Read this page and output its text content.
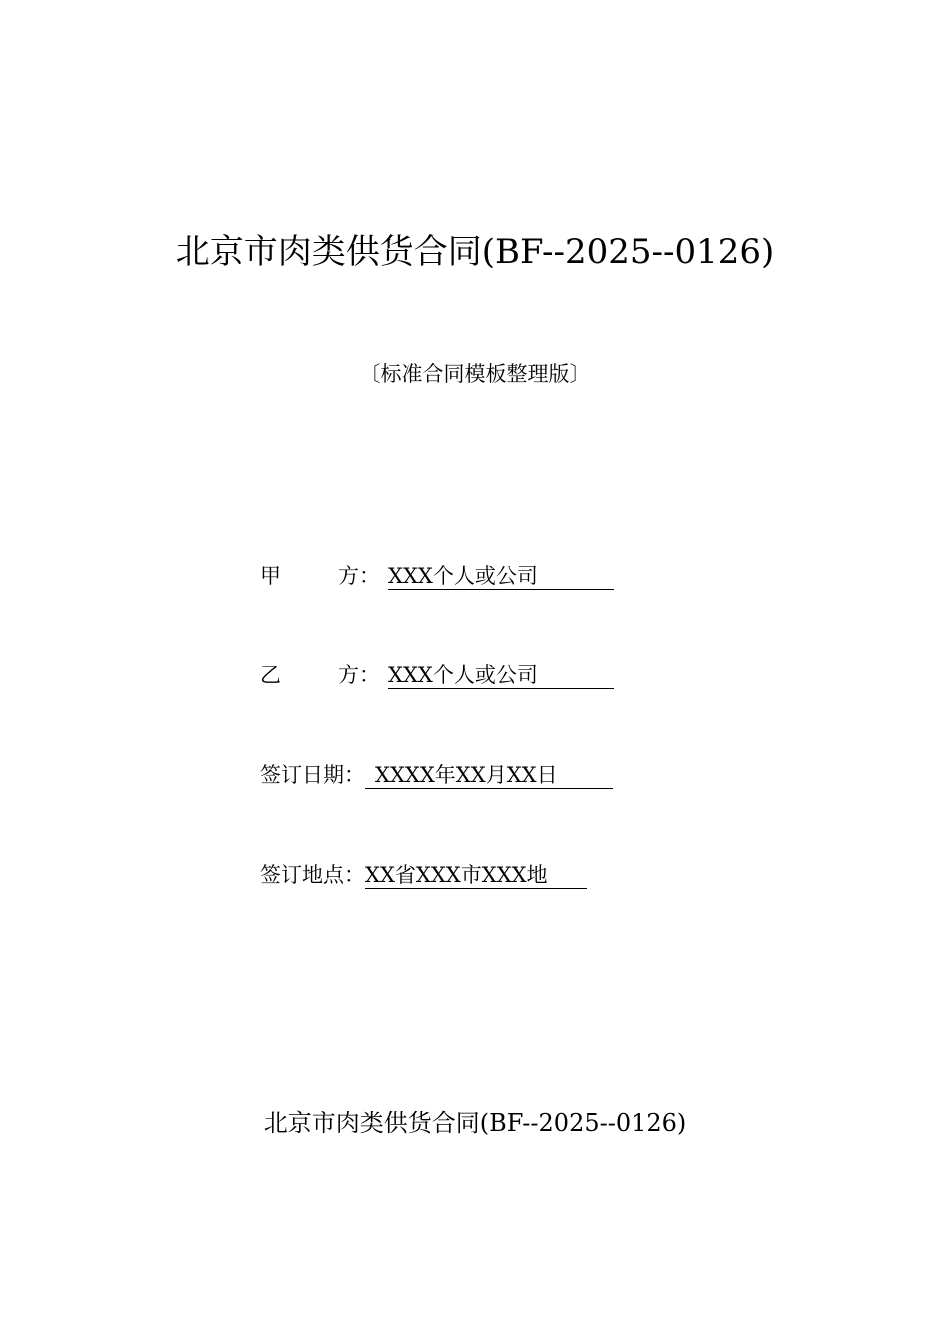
北京市肉类供货合同(BF--2025--0126)
〔标准合同模板整理版〕
甲	方： XXX个人或公司
乙	方： XXX个人或公司
签订日期： XXXX年XX月XX日
签订地点：XX省XXX市XXX地
北京市肉类供货合同(BF--2025--0126)
